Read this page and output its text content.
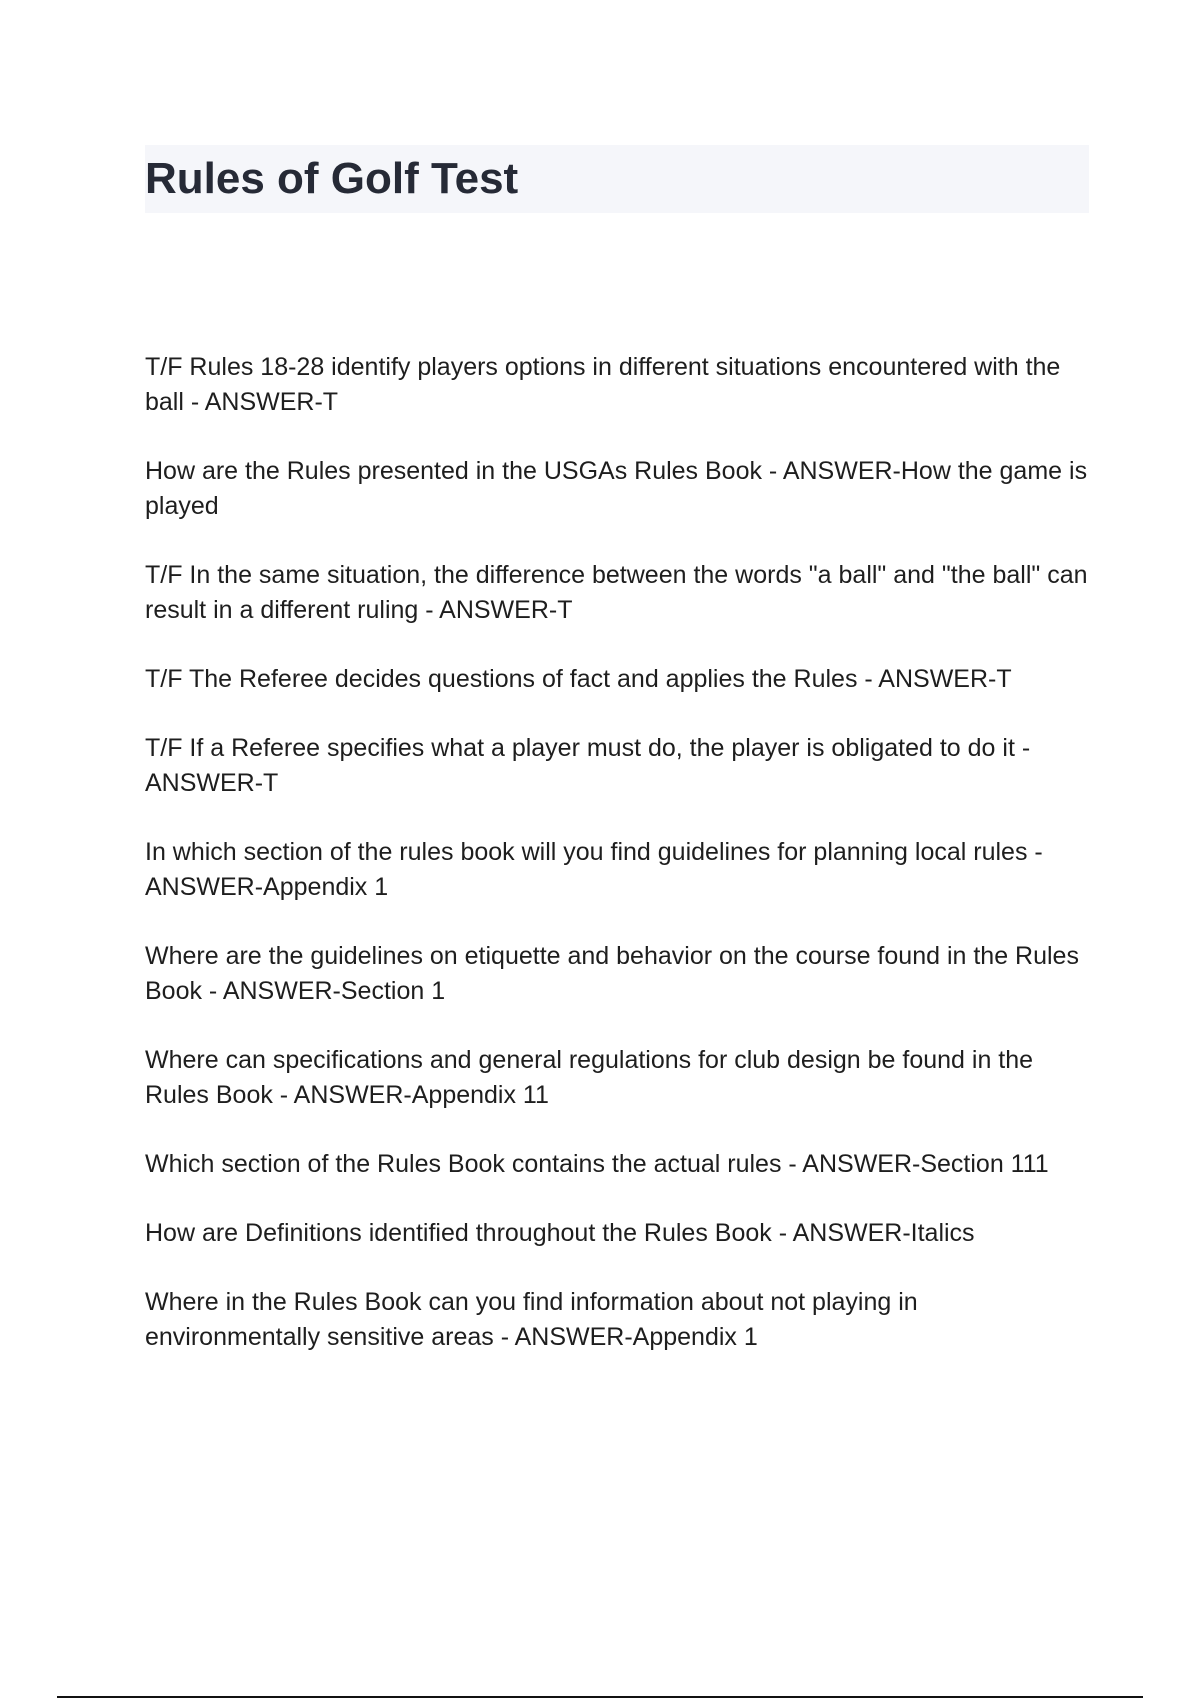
Rules of Golf Test

T/F Rules 18-28 identify players options in different situations encountered with the ball - ANSWER-T

How are the Rules presented in the USGAs Rules Book - ANSWER-How the game is played

T/F In the same situation, the difference between the words "a ball" and "the ball" can result in a different ruling - ANSWER-T

T/F The Referee decides questions of fact and applies the Rules - ANSWER-T

T/F If a Referee specifies what a player must do, the player is obligated to do it - ANSWER-T

In which section of the rules book will you find guidelines for planning local rules - ANSWER-Appendix 1

Where are the guidelines on etiquette and behavior on the course found in the Rules Book - ANSWER-Section 1

Where can specifications and general regulations for club design be found in the Rules Book - ANSWER-Appendix 11

Which section of the Rules Book contains the actual rules - ANSWER-Section 111

How are Definitions identified throughout the Rules Book - ANSWER-Italics

Where in the Rules Book can you find information about not playing in environmentally sensitive areas - ANSWER-Appendix 1
